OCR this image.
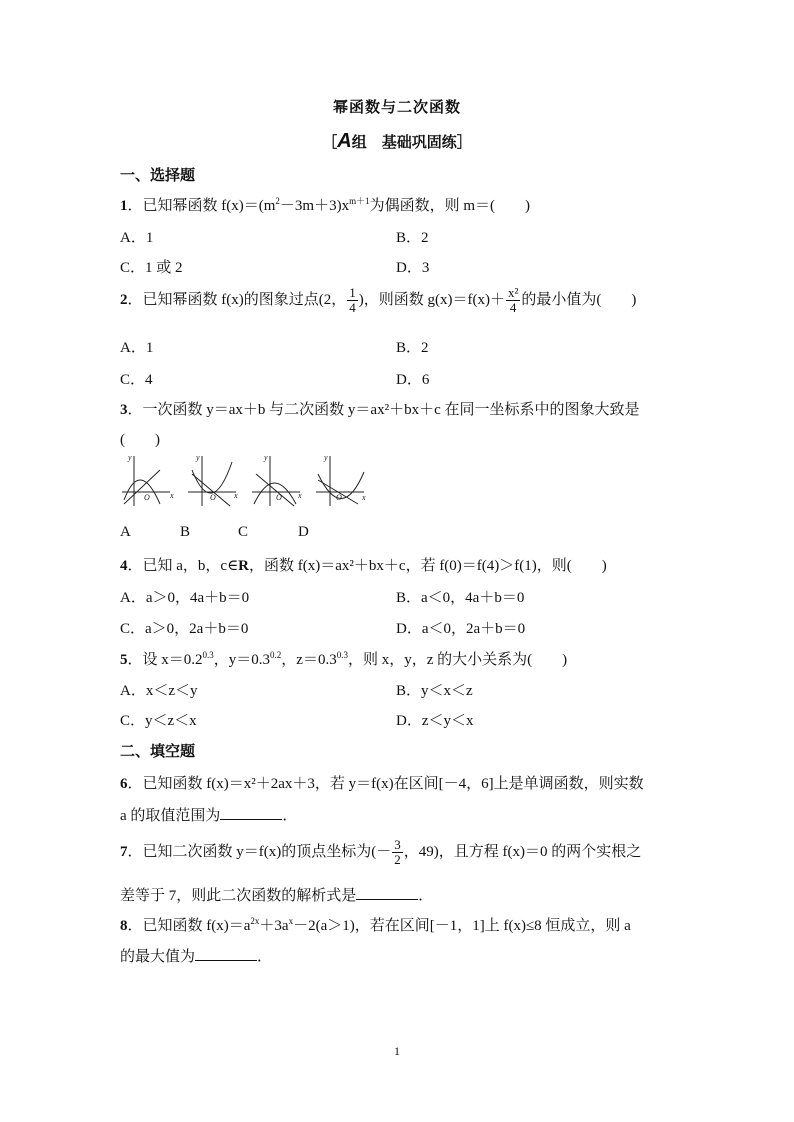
幂函数与二次函数
［A组　基础巩固练］
一、选择题
1．已知幂函数 $f(x)=(m^2-3m+3)x^{m+1}$为偶函数，则 m＝(　　)
A．1	B．2
C．1 或 2	D．3
2．已知幂函数 f(x)的图象过点(2， $\frac{1}{4}$ )，则函数 $g(x)=f(x)+ \frac{\text{x²}}{4}$ 的最小值为(　　)
A．1	B．2
C．4	D．6
3．一次函数 y＝ax＋b 与二次函数 y＝ax²＋bx＋c 在同一坐标系中的图象大致是
(　　)
y
x
O
y
x
O
y
x
O
y
x
O
A	B	C	D
4．已知 a，b，c∈R，函数 f(x)＝ax²＋bx＋c，若 f(0)＝f(4)＞f(1)，则(　　)
A．a＞0，4a＋b＝0	B．a＜0，4a＋b＝0
C．a＞0，2a＋b＝0	D．a＜0，2a＋b＝0
5．设 $x=0.2^{0.3}$，$y=0.3^{0.2}$，$z=0.3^{0.3}$，则 x，y，z 的大小关系为(　　)
A．x＜z＜y	B．y＜x＜z
C．y＜z＜x	D．z＜y＜x
二、填空题
6．已知函数 f(x)＝x²＋2ax＋3，若 y＝f(x)在区间[－4，6]上是单调函数，则实数
a 的取值范围为	．
7．已知二次函数 y＝f(x)的顶点坐标为(－ $\frac{3}{2}$ ，49)，且方程 f(x)＝0 的两个实根之
差等于 7，则此二次函数的解析式是	．
8．已知函数 $f(x)=a^{2x}+3a^x-2(a>1)$，若在区间[－1，1]上 f(x)≤8 恒成立，则 a
的最大值为	．
1
